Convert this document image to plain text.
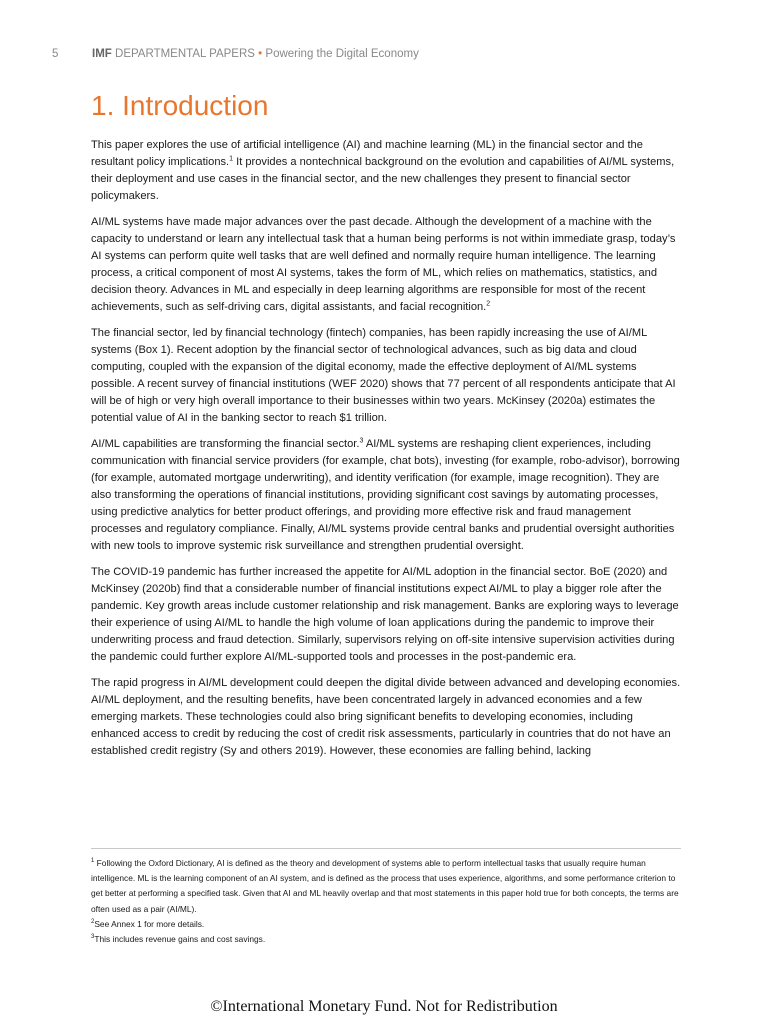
5	IMF DEPARTMENTAL PAPERS • Powering the Digital Economy
1. Introduction

This paper explores the use of artificial intelligence (AI) and machine learning (ML) in the financial sector and the resultant policy implications.$^1$ It provides a nontechnical background on the evolution and capabilities of AI/ML systems, their deployment and use cases in the financial sector, and the new challenges they present to financial sector policymakers.

AI/ML systems have made major advances over the past decade. Although the development of a machine with the capacity to understand or learn any intellectual task that a human being performs is not within immediate grasp, today’s AI systems can perform quite well tasks that are well defined and normally require human intelligence. The learning process, a critical component of most AI systems, takes the form of ML, which relies on mathematics, statistics, and decision theory. Advances in ML and especially in deep learning algorithms are responsible for most of the recent achievements, such as self-driving cars, digital assistants, and facial recognition.$^2$

The financial sector, led by financial technology (fintech) companies, has been rapidly increasing the use of AI/ML systems (Box 1). Recent adoption by the financial sector of technological advances, such as big data and cloud computing, coupled with the expansion of the digital economy, made the effective deployment of AI/ML systems possible. A recent survey of financial institutions (WEF 2020) shows that 77 percent of all respondents anticipate that AI will be of high or very high overall importance to their businesses within two years. McKinsey (2020a) estimates the potential value of AI in the banking sector to reach $1 trillion.

AI/ML capabilities are transforming the financial sector.$^3$ AI/ML systems are reshaping client experiences, including communication with financial service providers (for example, chat bots), investing (for example, robo-advisor), borrowing (for example, automated mortgage underwriting), and identity verification (for example, image recognition). They are also transforming the operations of financial institutions, providing significant cost savings by automating processes, using predictive analytics for better product offerings, and providing more effective risk and fraud management processes and regulatory compliance. Finally, AI/ML systems provide central banks and prudential oversight authorities with new tools to improve systemic risk surveillance and strengthen prudential oversight.

The COVID-19 pandemic has further increased the appetite for AI/ML adoption in the financial sector. BoE (2020) and McKinsey (2020b) find that a considerable number of financial institutions expect AI/ML to play a bigger role after the pandemic. Key growth areas include customer relationship and risk management. Banks are exploring ways to leverage their experience of using AI/ML to handle the high volume of loan applications during the pandemic to improve their underwriting process and fraud detection. Similarly, supervisors relying on off-site intensive supervision activities during the pandemic could further explore AI/ML-supported tools and processes in the post-pandemic era.

The rapid progress in AI/ML development could deepen the digital divide between advanced and developing economies. AI/ML deployment, and the resulting benefits, have been concentrated largely in advanced economies and a few emerging markets. These technologies could also bring significant benefits to developing economies, including enhanced access to credit by reducing the cost of credit risk assessments, particularly in countries that do not have an established credit registry (Sy and others 2019). However, these economies are falling behind, lacking

$^1$ Following the Oxford Dictionary, AI is defined as the theory and development of systems able to perform intellectual tasks that usually require human intelligence. ML is the learning component of an AI system, and is defined as the process that uses experience, algorithms, and some performance criterion to get better at performing a specified task. Given that AI and ML heavily overlap and that most statements in this paper hold true for both concepts, the terms are often used as a pair (AI/ML).

$^2$See Annex 1 for more details.

$^3$This includes revenue gains and cost savings.

©International Monetary Fund. Not for Redistribution
